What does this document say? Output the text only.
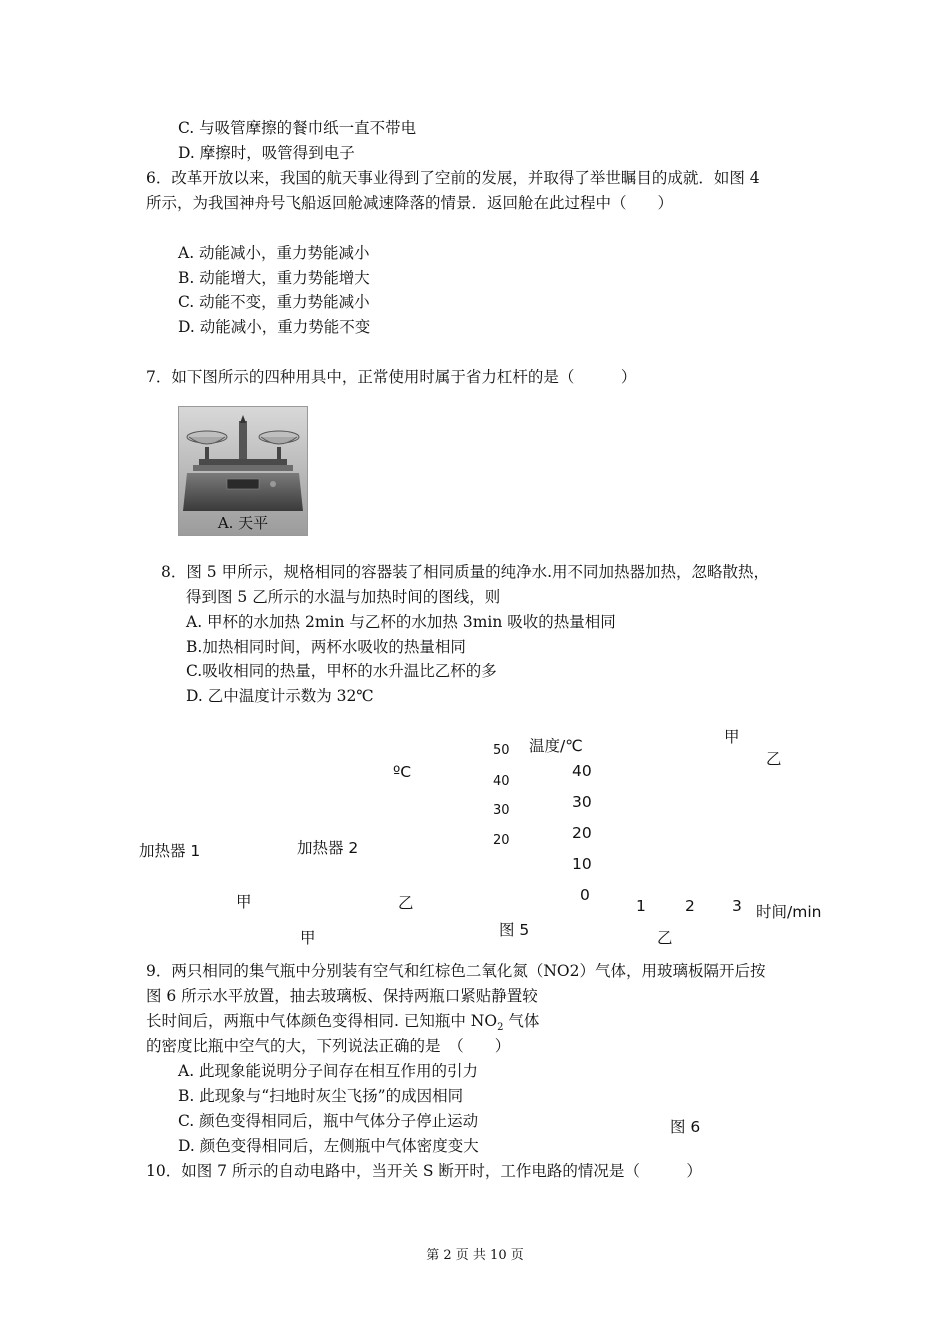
C. 与吸管摩擦的餐巾纸一直不带电
D. 摩擦时，吸管得到电子
6．改革开放以来，我国的航天事业得到了空前的发展，并取得了举世瞩目的成就．如图 4
所示，为我国神舟号飞船返回舱减速降落的情景．返回舱在此过程中（　　）
A. 动能减小，重力势能减小
B. 动能增大，重力势能增大
C. 动能不变，重力势能减小
D. 动能减小，重力势能不变
7．如下图所示的四种用具中，正常使用时属于省力杠杆的是（　　　）
A. 天平
8．图 5 甲所示，规格相同的容器装了相同质量的纯净水.用不同加热器加热，忽略散热，
得到图 5 乙所示的水温与加热时间的图线，则
A. 甲杯的水加热 2min 与乙杯的水加热 3min 吸收的热量相同
B.加热相同时间，两杯水吸收的热量相同
C.吸收相同的热量，甲杯的水升温比乙杯的多
D. 乙中温度计示数为 32℃
50
40
30
20
ºC
温度/℃
40
30
20
10
0
1	2 3 时间/min
甲
乙
加热器 1	加热器 2
甲	乙
甲	图 5	乙
9．两只相同的集气瓶中分别装有空气和红棕色二氧化氮（NO2）气体，用玻璃板隔开后按
图 6 所示水平放置，抽去玻璃板、保持两瓶口紧贴静置较
长时间后，两瓶中气体颜色变得相同. 已知瓶中 $NO_2$ 气体
的密度比瓶中空气的大，下列说法正确的是　（　　）
A. 此现象能说明分子间存在相互作用的引力
B. 此现象与“扫地时灰尘飞扬”的成因相同
C. 颜色变得相同后，瓶中气体分子停止运动
D. 颜色变得相同后，左侧瓶中气体密度变大
图 6
10．如图 7 所示的自动电路中，当开关 S 断开时，工作电路的情况是（　　　）
第 2 页 共 10 页
